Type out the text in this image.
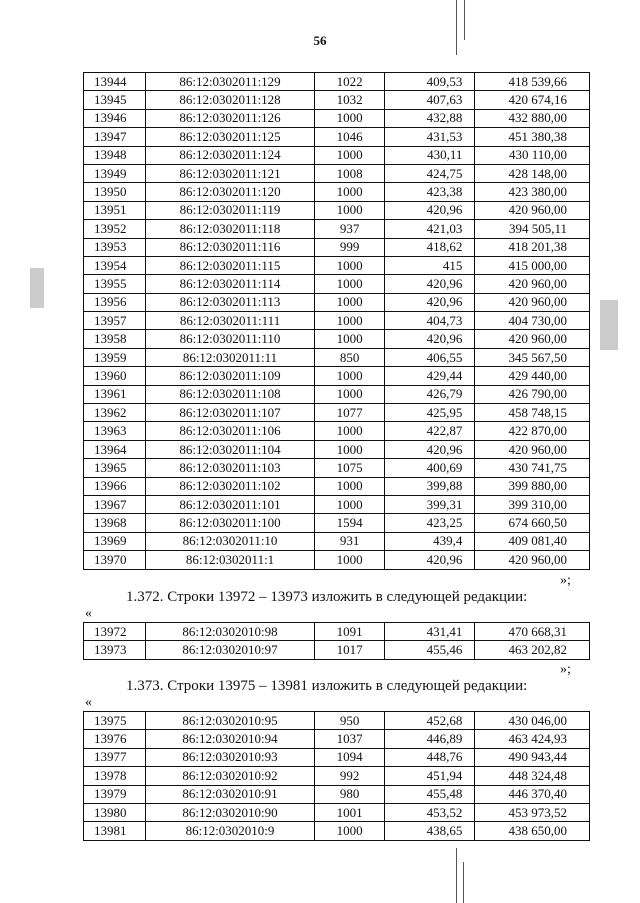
56
13944	86:12:0302011:129	1022	409,53	418 539,66
13945	86:12:0302011:128	1032	407,63	420 674,16
13946	86:12:0302011:126	1000	432,88	432 880,00
13947	86:12:0302011:125	1046	431,53	451 380,38
13948	86:12:0302011:124	1000	430,11	430 110,00
13949	86:12:0302011:121	1008	424,75	428 148,00
13950	86:12:0302011:120	1000	423,38	423 380,00
13951	86:12:0302011:119	1000	420,96	420 960,00
13952	86:12:0302011:118	937	421,03	394 505,11
13953	86:12:0302011:116	999	418,62	418 201,38
13954	86:12:0302011:115	1000	415	415 000,00
13955	86:12:0302011:114	1000	420,96	420 960,00
13956	86:12:0302011:113	1000	420,96	420 960,00
13957	86:12:0302011:111	1000	404,73	404 730,00
13958	86:12:0302011:110	1000	420,96	420 960,00
13959	86:12:0302011:11	850	406,55	345 567,50
13960	86:12:0302011:109	1000	429,44	429 440,00
13961	86:12:0302011:108	1000	426,79	426 790,00
13962	86:12:0302011:107	1077	425,95	458 748,15
13963	86:12:0302011:106	1000	422,87	422 870,00
13964	86:12:0302011:104	1000	420,96	420 960,00
13965	86:12:0302011:103	1075	400,69	430 741,75
13966	86:12:0302011:102	1000	399,88	399 880,00
13967	86:12:0302011:101	1000	399,31	399 310,00
13968	86:12:0302011:100	1594	423,25	674 660,50
13969	86:12:0302011:10	931	439,4	409 081,40
13970	86:12:0302011:1	1000	420,96	420 960,00
»;
1.372. Строки 13972 – 13973 изложить в следующей редакции:
«
13972	86:12:0302010:98	1091	431,41	470 668,31
13973	86:12:0302010:97	1017	455,46	463 202,82
»;
1.373. Строки 13975 – 13981 изложить в следующей редакции:
«
13975	86:12:0302010:95	950	452,68	430 046,00
13976	86:12:0302010:94	1037	446,89	463 424,93
13977	86:12:0302010:93	1094	448,76	490 943,44
13978	86:12:0302010:92	992	451,94	448 324,48
13979	86:12:0302010:91	980	455,48	446 370,40
13980	86:12:0302010:90	1001	453,52	453 973,52
13981	86:12:0302010:9	1000	438,65	438 650,00
